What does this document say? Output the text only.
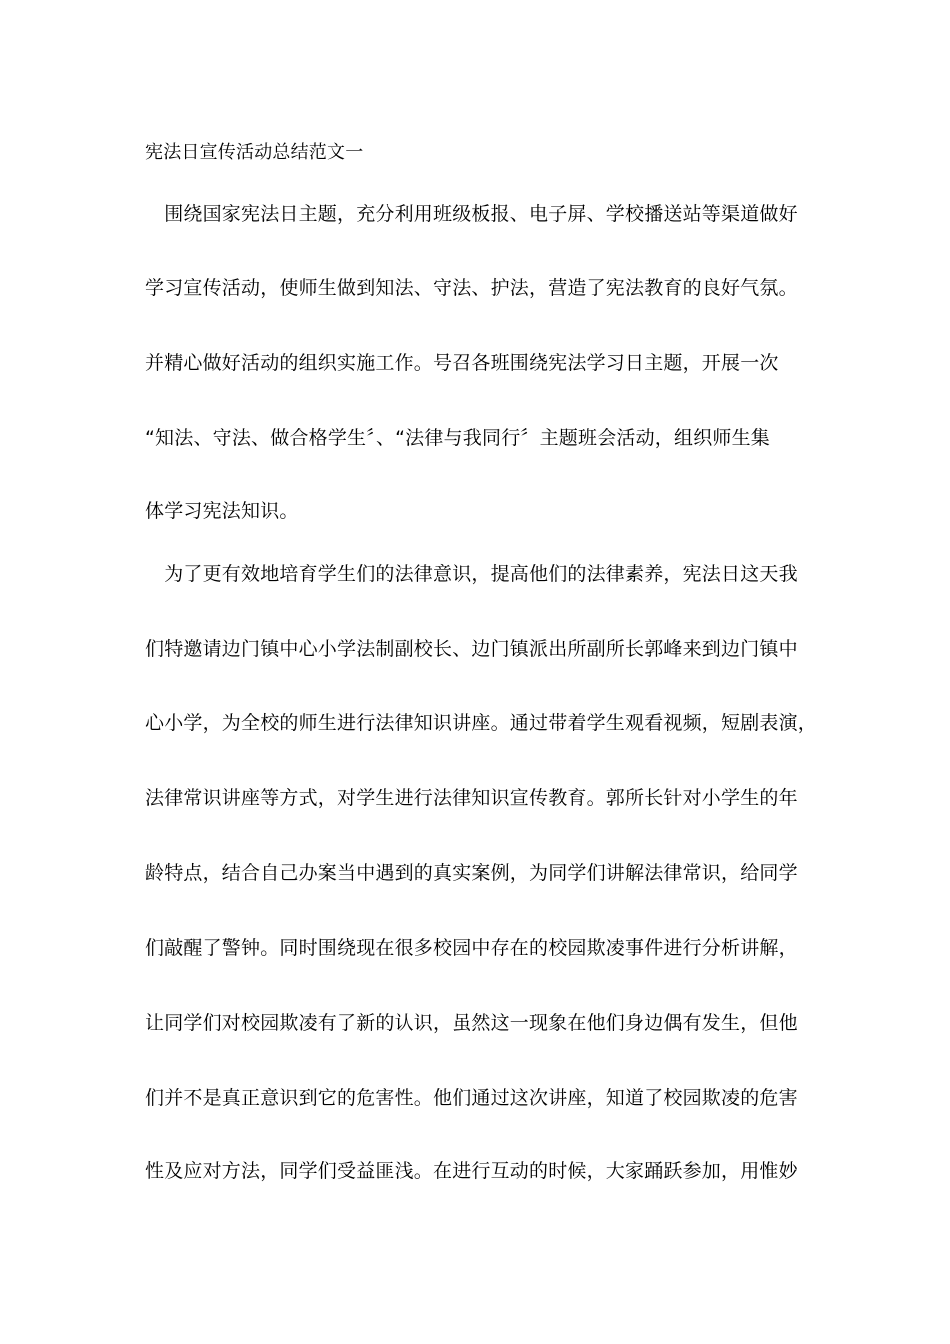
宪法日宣传活动总结范文一
　围绕国家宪法日主题，充分利用班级板报、电子屏、学校播送站等渠道做好
学习宣传活动，使师生做到知法、守法、护法，营造了宪法教育的良好气氛。
并精心做好活动的组织实施工作。号召各班围绕宪法学习日主题，开展一次
“知法、守法、做合格学生〞、“法律与我同行〞主题班会活动，组织师生集
体学习宪法知识。
　为了更有效地培育学生们的法律意识，提高他们的法律素养，宪法日这天我
们特邀请边门镇中心小学法制副校长、边门镇派出所副所长郭峰来到边门镇中
心小学，为全校的师生进行法律知识讲座。通过带着学生观看视频，短剧表演，
法律常识讲座等方式，对学生进行法律知识宣传教育。郭所长针对小学生的年
龄特点，结合自己办案当中遇到的真实案例，为同学们讲解法律常识，给同学
们敲醒了警钟。同时围绕现在很多校园中存在的校园欺凌事件进行分析讲解，
让同学们对校园欺凌有了新的认识，虽然这一现象在他们身边偶有发生，但他
们并不是真正意识到它的危害性。他们通过这次讲座，知道了校园欺凌的危害
性及应对方法，同学们受益匪浅。在进行互动的时候，大家踊跃参加，用惟妙
